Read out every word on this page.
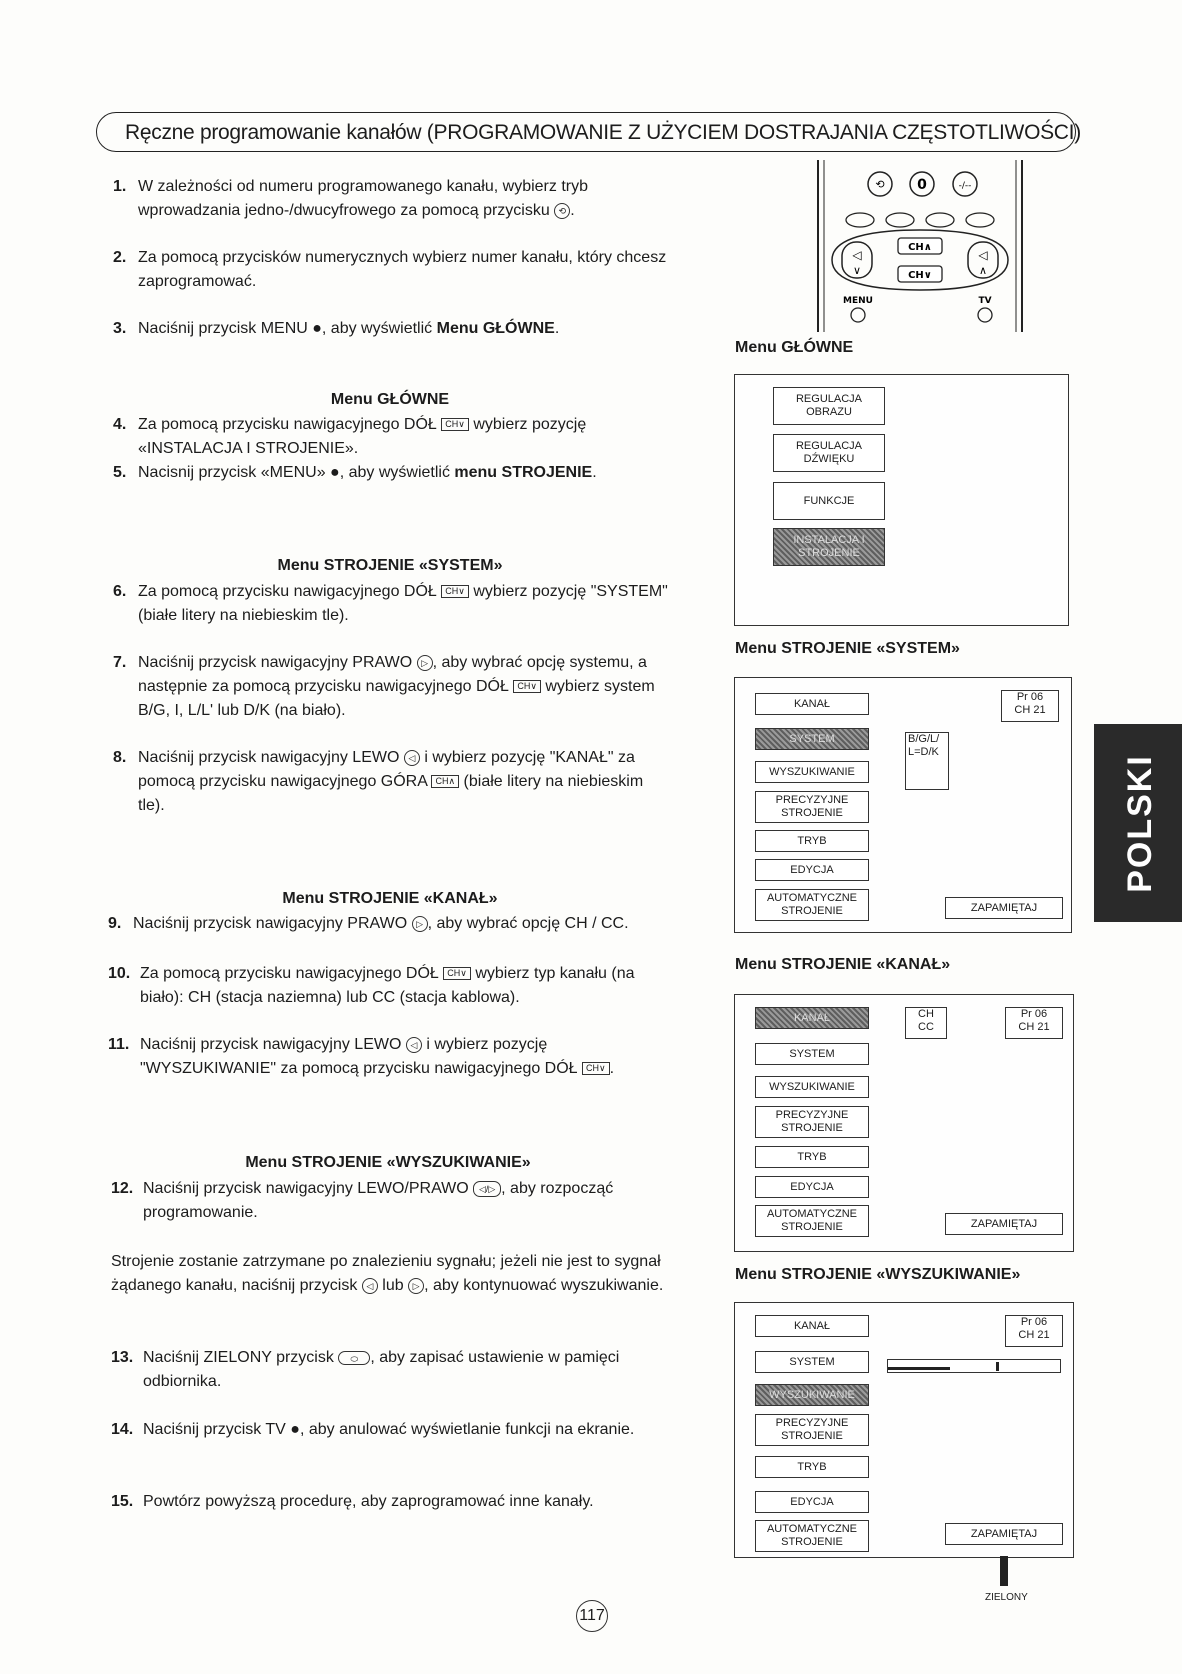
Ręczne programowanie kanałów (PROGRAMOWANIE Z UŻYCIEM DOSTRAJANIA CZĘSTOTLIWOŚCI)
1. W zależności od numeru programowanego kanału, wybierz tryb wprowadzania jedno-/dwucyfrowego za pomocą przycisku ⟲ .
2. Za pomocą przycisków numerycznych wybierz numer kanału, który chcesz zaprogramować.
3. Naciśnij przycisk MENU ●, aby wyświetlić Menu GŁÓWNE.
Menu GŁÓWNE
4. Za pomocą przycisku nawigacyjnego DÓŁ CH∨ wybierz pozycję «INSTALACJA I STROJENIE».
5. Nacisnij przycisk «MENU» ●, aby wyświetlić menu STROJENIE.
Menu STROJENIE «SYSTEM»
6. Za pomocą przycisku nawigacyjnego DÓŁ CH∨ wybierz pozycję "SYSTEM" (białe litery na niebieskim tle).
7. Naciśnij przycisk nawigacyjny PRAWO ▷ , aby wybrać opcję systemu, a następnie za pomocą przycisku nawigacyjnego DÓŁ CH∨ wybierz system B/G, I, L/L' lub D/K (na biało).
8. Naciśnij przycisk nawigacyjny LEWO ◁ i wybierz pozycję "KANAŁ" za pomocą przycisku nawigacyjnego GÓRA CH∧ (białe litery na niebieskim tle).
Menu STROJENIE «KANAŁ»
9. Naciśnij przycisk nawigacyjny PRAWO ▷ , aby wybrać opcję CH / CC.
10. Za pomocą przycisku nawigacyjnego DÓŁ CH∨ wybierz typ kanału (na biało): CH (stacja naziemna) lub CC (stacja kablowa).
11. Naciśnij przycisk nawigacyjny LEWO ◁ i wybierz pozycję "WYSZUKIWANIE" za pomocą przycisku nawigacyjnego DÓŁ CH∨ .
Menu STROJENIE «WYSZUKIWANIE»
12. Naciśnij przycisk nawigacyjny LEWO/PRAWO ◁/▷ , aby rozpocząć programowanie.
Strojenie zostanie zatrzymane po znalezieniu sygnału; jeżeli nie jest to sygnał żądanego kanału, naciśnij przycisk ◁ lub ▷ , aby kontynuować wyszukiwanie.
13. Naciśnij ZIELONY przycisk ⬭ , aby zapisać ustawienie w pamięci odbiornika.
14. Naciśnij przycisk TV ●, aby anulować wyświetlanie funkcji na ekranie.
15. Powtórz powyższą procedurę, aby zaprogramować inne kanały.
⟲ 0	-/--
◁
∨
◁
∧
CH∧
CH∨
MENU	TV
Menu GŁÓWNE
REGULACJA
OBRAZU
REGULACJA
DŹWIĘKU
FUNKCJE
INSTALACJA I
STROJENIE
Menu STROJENIE «SYSTEM»
KANAŁ
SYSTEM
WYSZUKIWANIE
PRECYZYJNE
STROJENIE
TRYB
EDYCJA
AUTOMATYCZNE
STROJENIE
B/G/L/
L=D/K
Pr 06
CH 21
ZAPAMIĘTAJ
Menu STROJENIE «KANAŁ»
KANAŁ
SYSTEM
WYSZUKIWANIE
PRECYZYJNE
STROJENIE
TRYB
EDYCJA
AUTOMATYCZNE
STROJENIE
CH
CC
Pr 06
CH 21
ZAPAMIĘTAJ
Menu STROJENIE «WYSZUKIWANIE»
KANAŁ
SYSTEM
WYSZUKIWANIE
PRECYZYJNE
STROJENIE
TRYB
EDYCJA
AUTOMATYCZNE
STROJENIE
Pr 06
CH 21
ZAPAMIĘTAJ
ZIELONY
POLSKI
117
